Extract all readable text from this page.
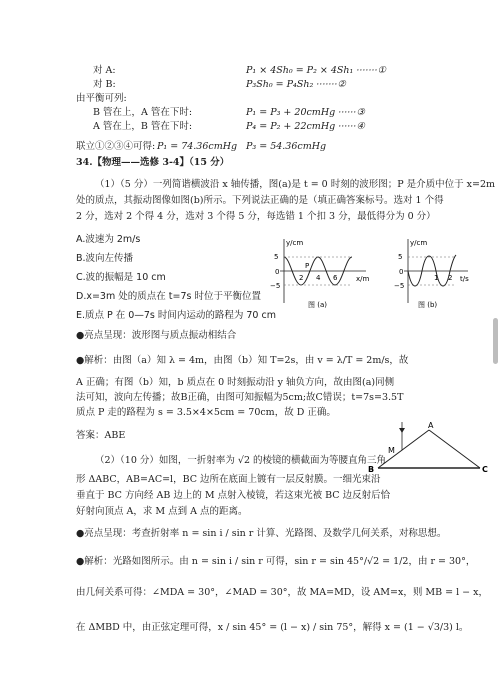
对 A:	P₁ × 4Sh₀ = P₂ × 4Sh₁ ·······①
对 B:	P₃Sh₀ = P₄Sh₂ ·······②
由平衡可列:
B 管在上，A 管在下时:	P₁ = P₃ + 20cmHg ······③
A 管在上，B 管在下时:	P₄ = P₂ + 22cmHg ······④
联立①②③④可得: P₁ = 74.36cmHg P₃ = 54.36cmHg
34.【物理——选修 3-4】（15 分）
（1）（5 分）一列简谐横波沿 x 轴传播，图(a)是 t = 0 时刻的波形图；P 是介质中位于 x=2m
处的质点，其振动图像如图(b)所示。下列说法正确的是（填正确答案标号。选对 1 个得
2 分，选对 2 个得 4 分，选对 3 个得 5 分，每选错 1 个扣 3 分，最低得分为 0 分）
A.波速为 2m/s
B.波向左传播
C.波的振幅是 10 cm
D.x=3m 处的质点在 t=7s 时位于平衡位置
E.质点 P 在 0—7s 时间内运动的路程为 70 cm
●亮点呈现：波形图与质点振动相结合
●解析：由图（a）知 λ = 4m，由图（b）知 T=2s，由 v = λ/T = 2m/s，故
A 正确；有图（b）知，b 质点在 0 时刻振动沿 y 轴负方向，故由图(a)同侧
法可知，波向左传播；故B正确，由图可知振幅为5cm;故C错误；t=7s=3.5T
质点 P 走的路程为 s = 3.5×4×5cm = 70cm，故 D 正确。
答案：ABE
（2）（10 分）如图，一折射率为 √2 的棱镜的横截面为等腰直角三角
形 ΔABC，AB=AC=l，BC 边所在底面上镀有一层反射膜。一细光束沿
垂直于 BC 方向经 AB 边上的 M 点射入棱镜，若这束光被 BC 边反射后恰
好射向顶点 A，求 M 点到 A 点的距离。
●亮点呈现：考查折射率 n = sin i / sin r 计算、光路图、及数学几何关系，对称思想。
●解析：光路如图所示。由 n = sin i / sin r 可得，sin r = sin 45°/√2 = 1/2，由 r = 30°，
由几何关系可得：∠MDA = 30°，∠MAD = 30°，故 MA=MD，设 AM=x，则 MB = l − x，
在 ΔMBD 中，由正弦定理可得，x / sin 45° = (l − x) / sin 75°，解得 x = (1 − √3/3) l。
y/cm
5
0
−5
2 4 6	x/m
P
图 (a)
y/cm
5
0
−5
1 2 t/s
图 (b)
A
M
B	C
